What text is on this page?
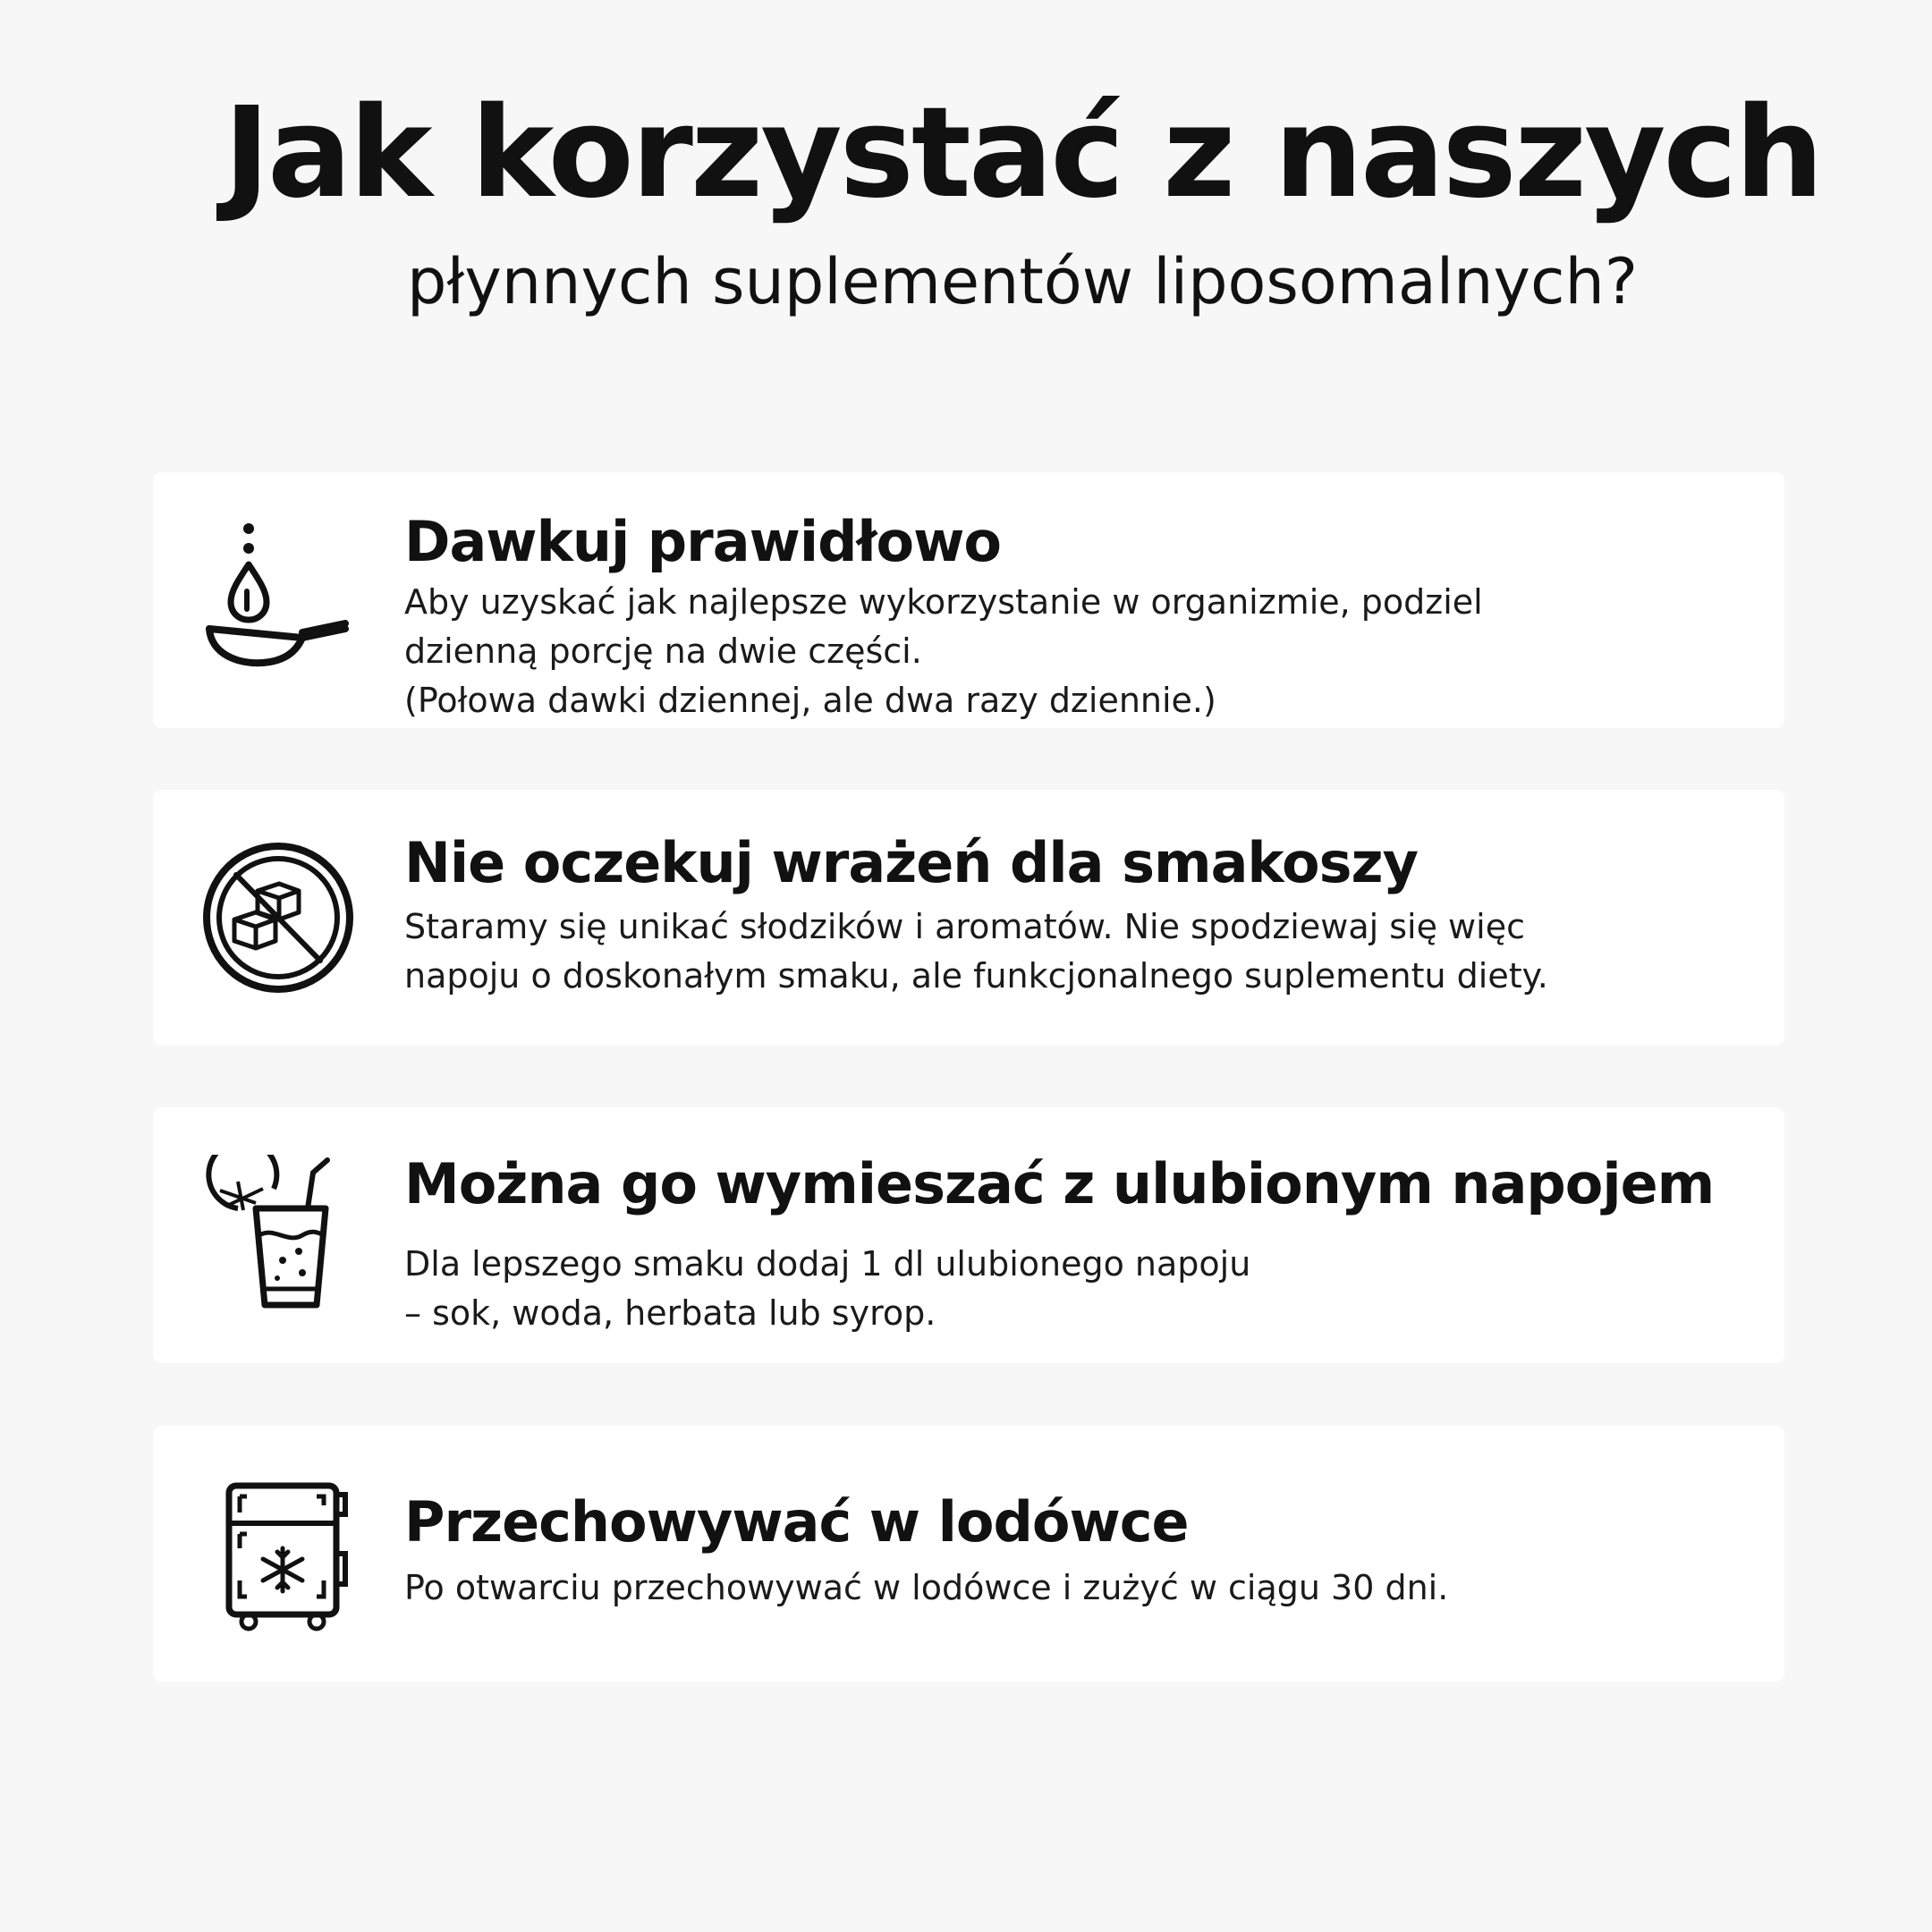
Jak korzystać z naszych
płynnych suplementów liposomalnych?
Dawkuj prawidłowo

Aby uzyskać jak najlepsze wykorzystanie w organizmie, podziel

dzienną porcję na dwie części.

(Połowa dawki dziennej, ale dwa razy dziennie.)

Nie oczekuj wrażeń dla smakoszy

Staramy się unikać słodzików i aromatów. Nie spodziewaj się więc

napoju o doskonałym smaku, ale funkcjonalnego suplementu diety.

Można go wymieszać z ulubionym napojem

Dla lepszego smaku dodaj 1 dl ulubionego napoju

– sok, woda, herbata lub syrop.

Przechowywać w lodówce

Po otwarciu przechowywać w lodówce i zużyć w ciągu 30 dni.
